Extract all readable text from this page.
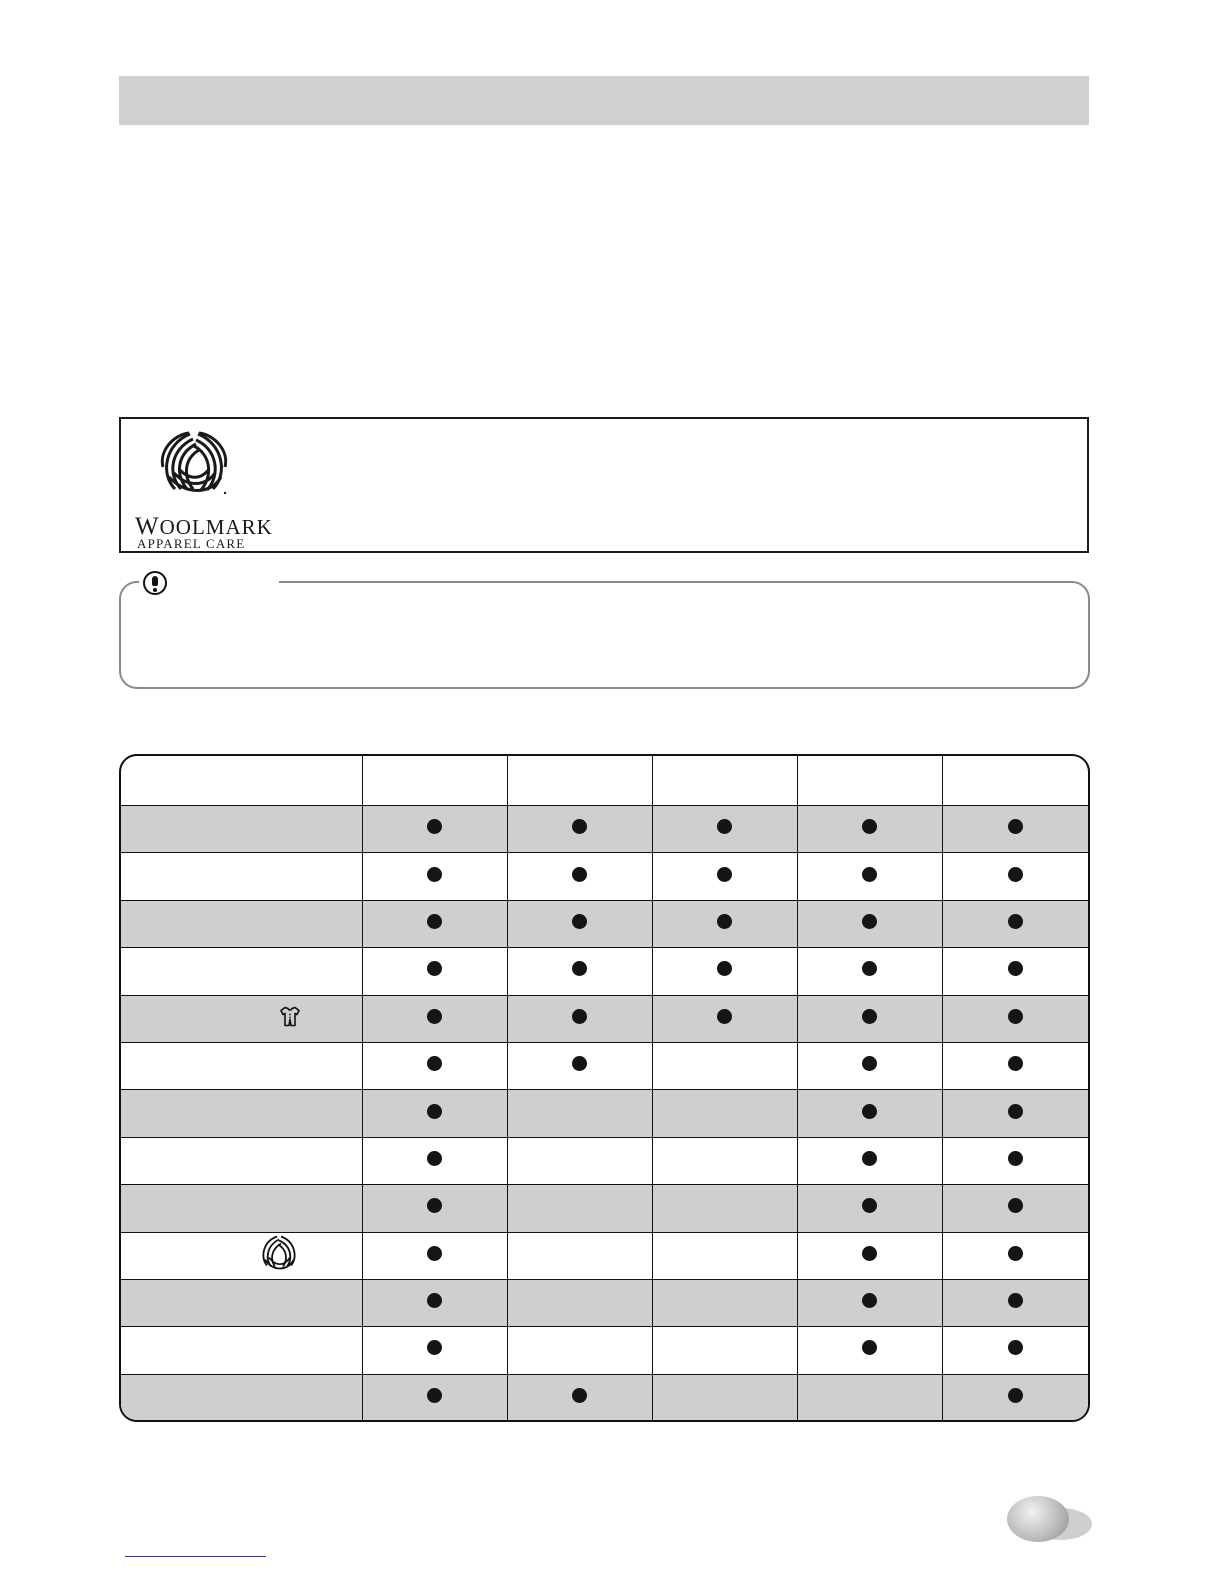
WOOLMARK
APPAREL CARE
